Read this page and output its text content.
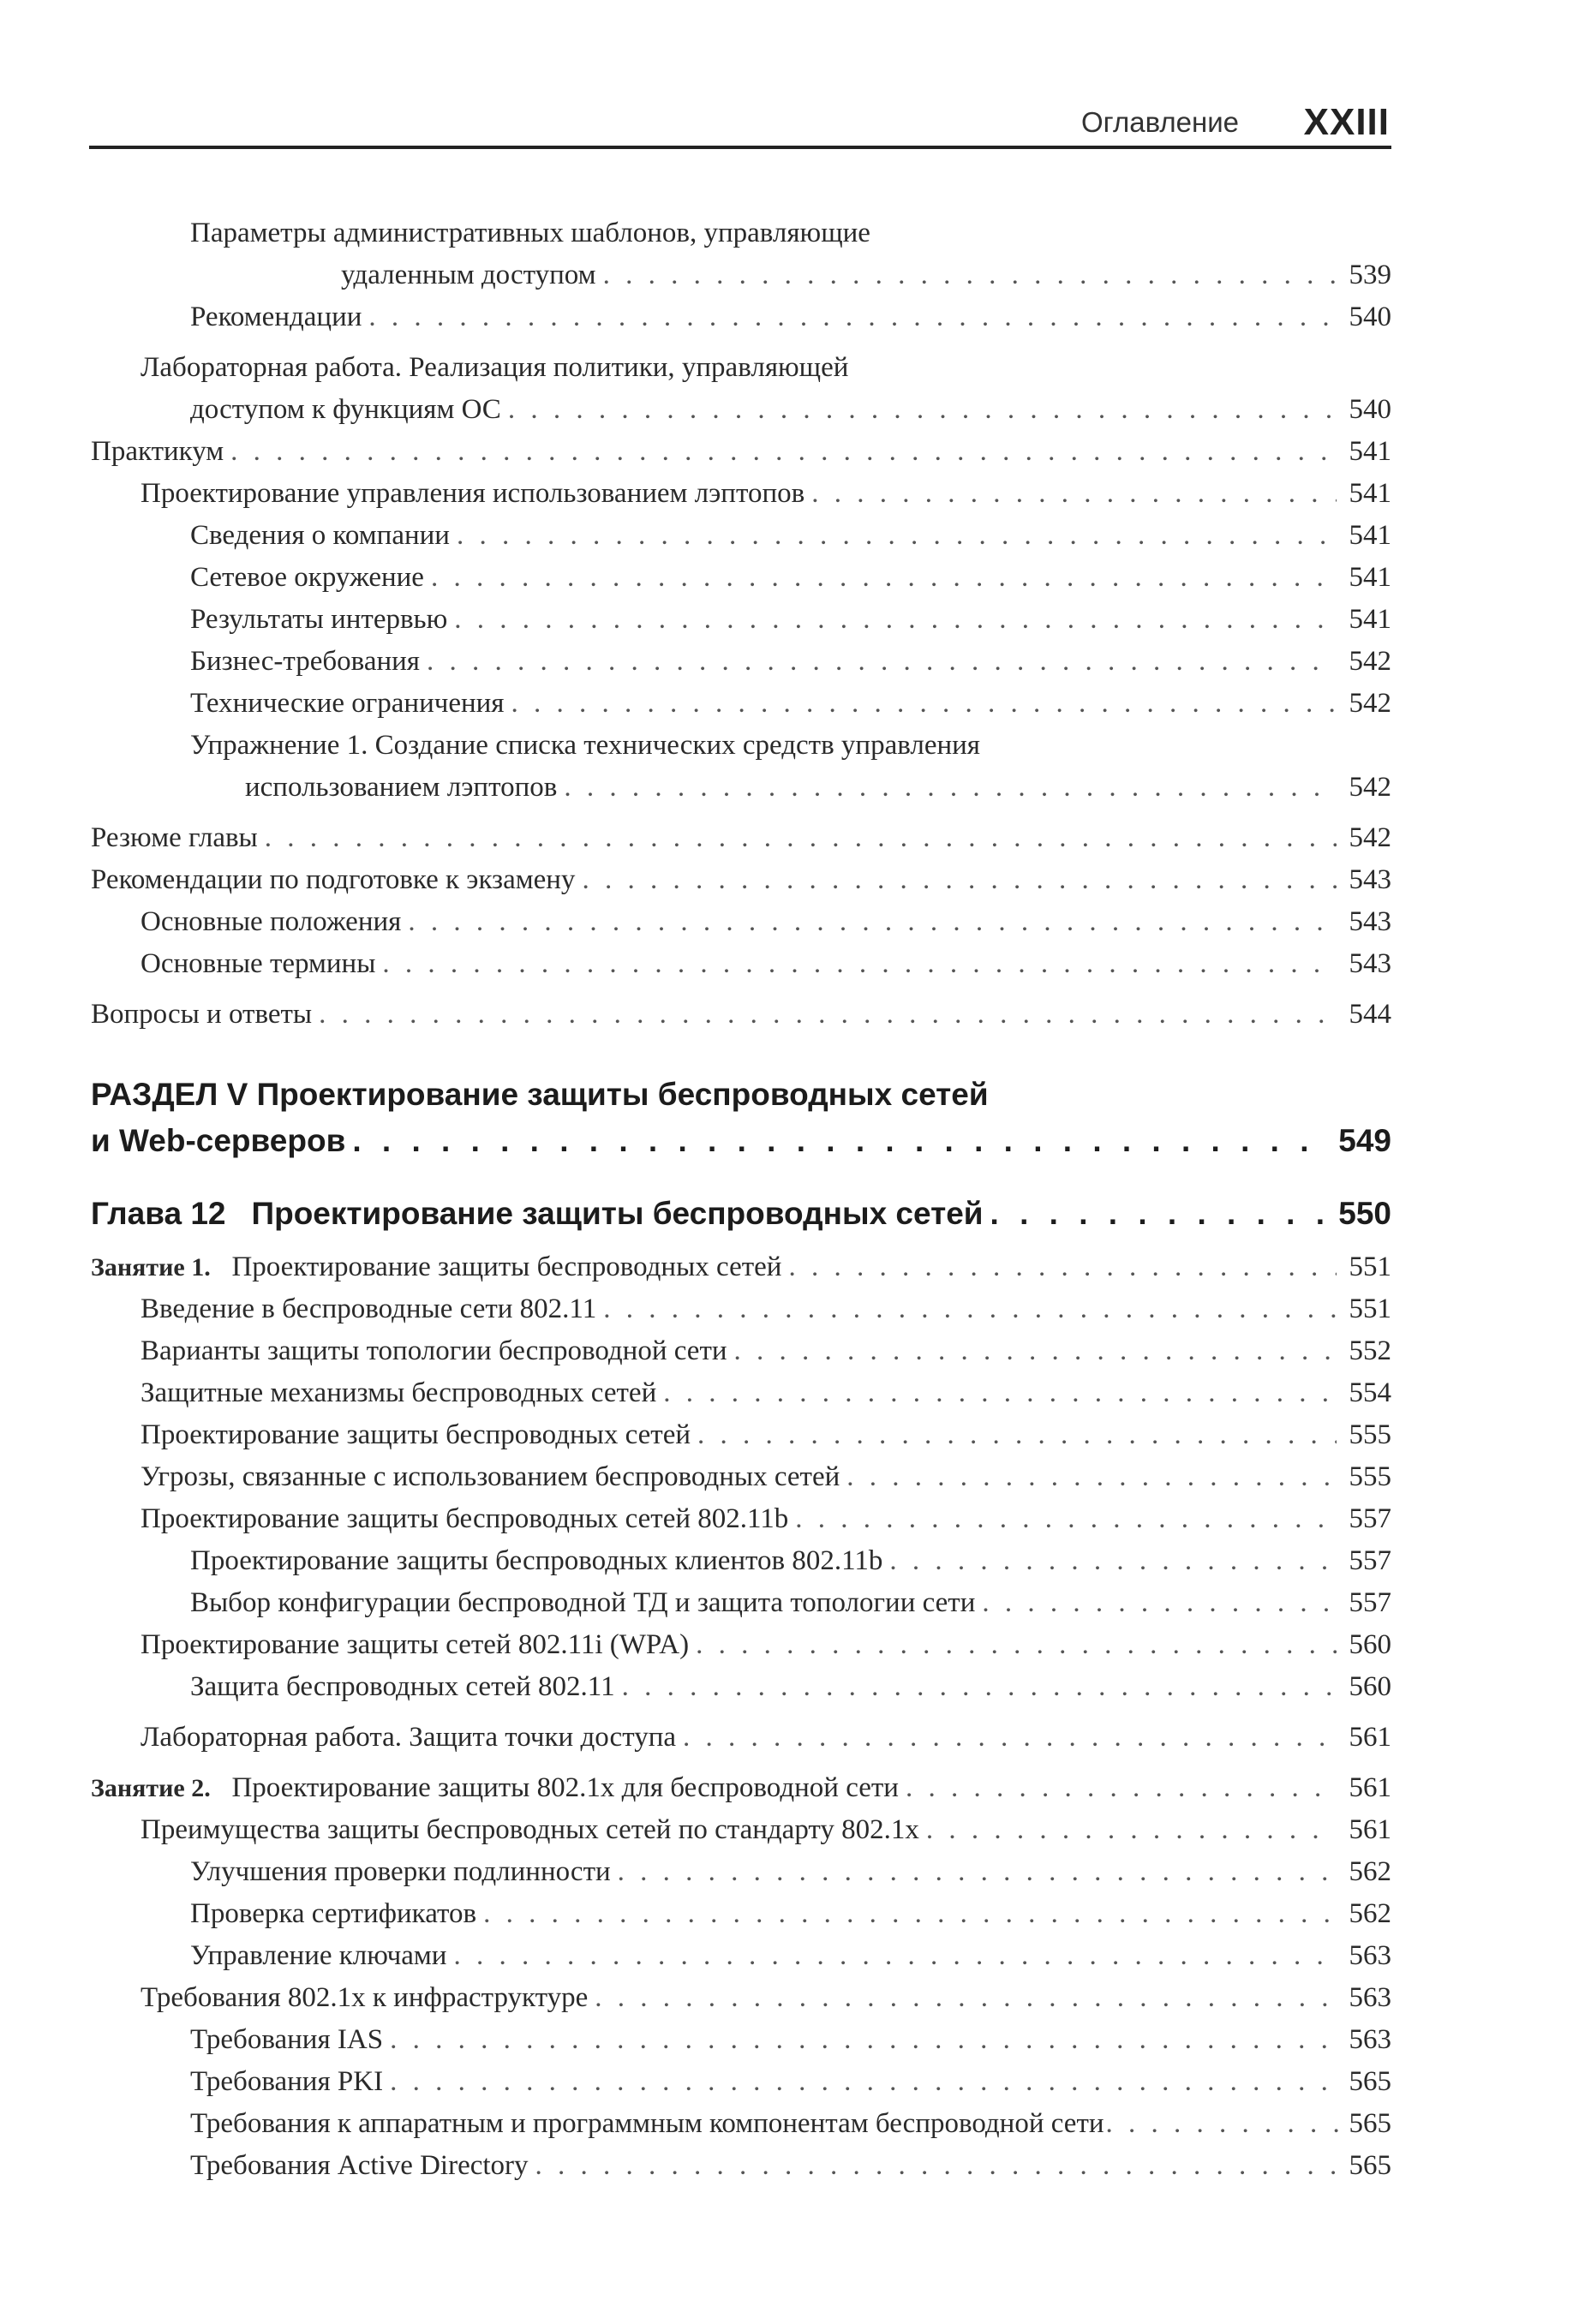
Оглавление XXIII
Параметры административных шаблонов, управляющие
удаленным доступом . . .	539
Рекомендации . . .	540
Лабораторная работа. Реализация политики, управляющей
доступом к функциям ОС . . .	540
Практикум . . .	541
Проектирование управления использованием лэптопов . . .	541
Сведения о компании . . .	541
Сетевое окружение . . .	541
Результаты интервью . . .	541
Бизнес-требования . . .	542
Технические ограничения . . .	542
Упражнение 1. Создание списка технических средств управления
использованием лэптопов . . .	542
Резюме главы . . .	542
Рекомендации по подготовке к экзамену . . .	543
Основные положения . . .	543
Основные термины . . .	543
Вопросы и ответы . . .	544
РАЗДЕЛ V Проектирование защиты беспроводных сетей
и Web-серверов . . .	549
Глава 12 Проектирование защиты беспроводных сетей . . .	550
Занятие 1. Проектирование защиты беспроводных сетей . . .	551
Введение в беспроводные сети 802.11 . . .	551
Варианты защиты топологии беспроводной сети . . .	552
Защитные механизмы беспроводных сетей . . .	554
Проектирование защиты беспроводных сетей . . .	555
Угрозы, связанные с использованием беспроводных сетей . . .	555
Проектирование защиты беспроводных сетей 802.11b . . .	557
Проектирование защиты беспроводных клиентов 802.11b . . .	557
Выбор конфигурации беспроводной ТД и защита топологии сети . . .	557
Проектирование защиты сетей 802.11i (WPA) . . .	560
Защита беспроводных сетей 802.11 . . .	560
Лабораторная работа. Защита точки доступа . . .	561
Занятие 2. Проектирование защиты 802.1x для беспроводной сети . . .	561
Преимущества защиты беспроводных сетей по стандарту 802.1x . . .	561
Улучшения проверки подлинности . . .	562
Проверка сертификатов . . .	562
Управление ключами . . .	563
Требования 802.1x к инфраструктуре . . .	563
Требования IAS . . .	563
Требования PKI . . .	565
Требования к аппаратным и программным компонентам беспроводной сети . . .	565
Требования Active Directory . . .	565
